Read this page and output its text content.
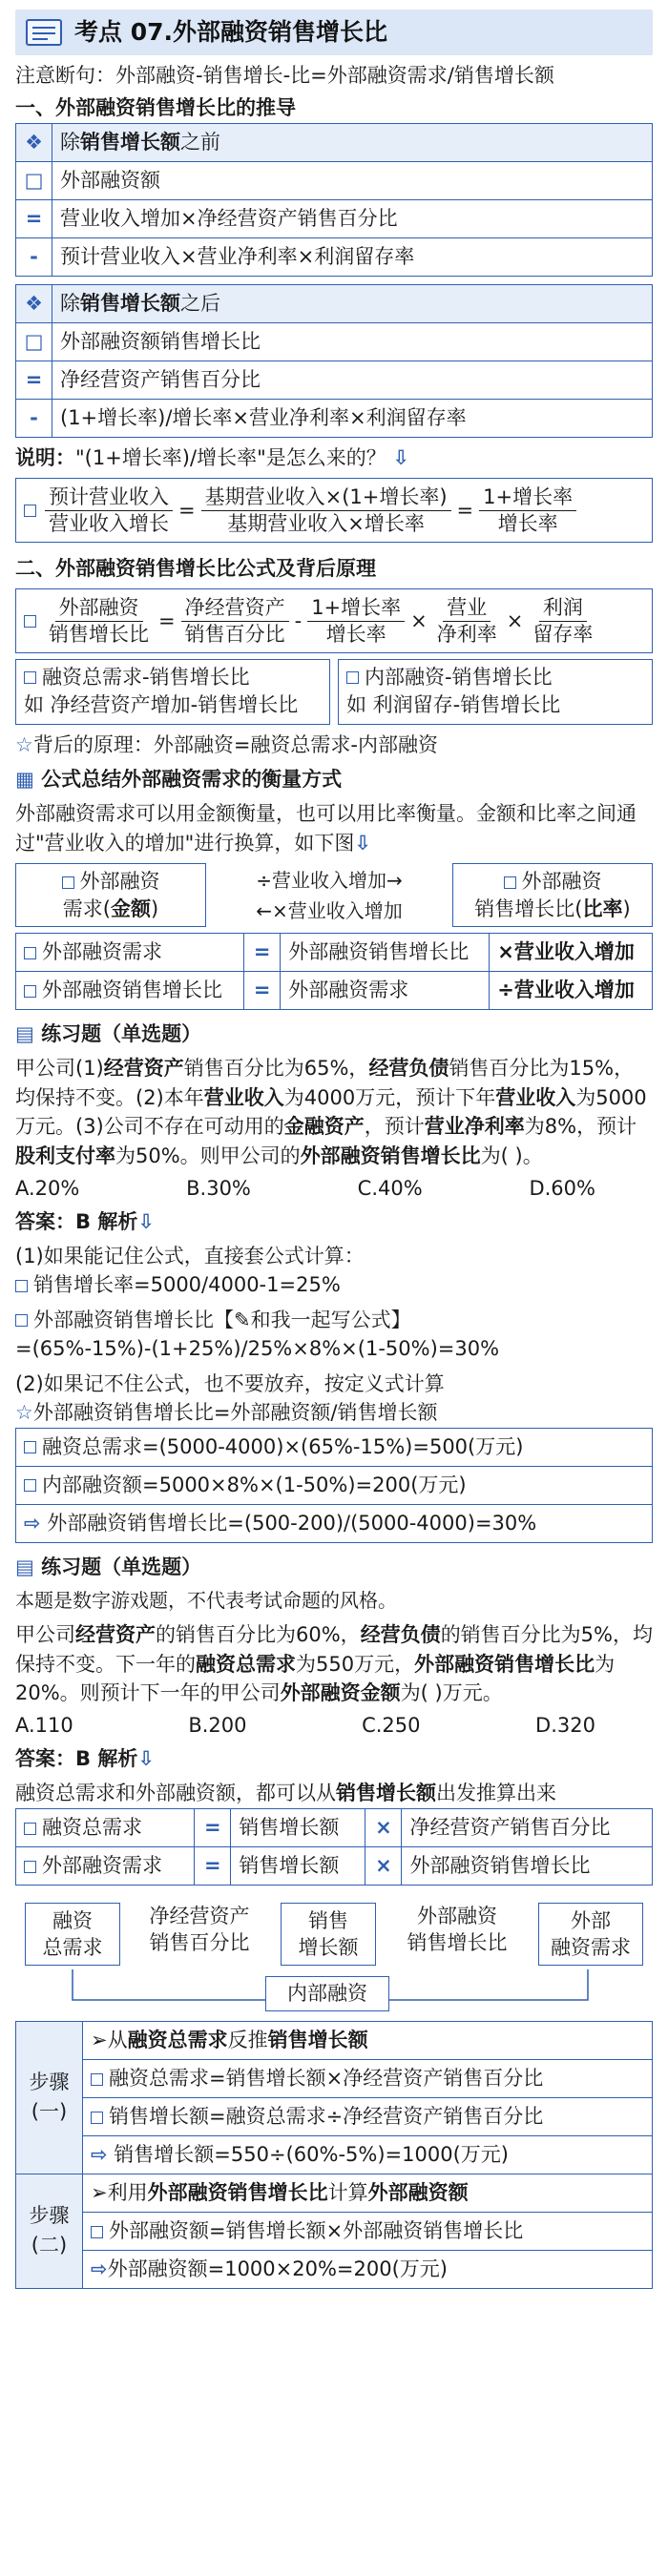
考点 07.外部融资销售增长比
注意断句：外部融资-销售增长-比=外部融资需求/销售增长额
一、外部融资销售增长比的推导
❖	除销售增长额之前
□	外部融资额
=	营业收入增加×净经营资产销售百分比
-	预计营业收入×营业净利率×利润留存率
❖	除销售增长额之后
□	外部融资额销售增长比
=	净经营资产销售百分比
-	(1+增长率)/增长率×营业净利率×利润留存率
说明："(1+增长率)/增长率"是怎么来的？ ⇩
$\frac{\text{预计营业收入}}{\text{营业收入增长}} = \frac{\text{基期营业收入×(1+增长率)}}{\text{基期营业收入×增长率}} = \frac{\text{1+增长率}}{\text{增长率}}$
二、外部融资销售增长比公式及背后原理
$\frac{\text{外部融资}}{\text{销售增长比}} = \frac{\text{净经营资产}}{\text{销售百分比}} - \frac{\text{1+增长率}}{\text{增长率}} \times \frac{\text{营业}}{\text{净利率}} \times \frac{\text{利润}}{\text{留存率}}$
融资总需求-销售增长比
如 净经营资产增加-销售增长比
内部融资-销售增长比
如 利润留存-销售增长比
☆背后的原理：外部融资=融资总需求-内部融资
▦ 公式总结外部融资需求的衡量方式
外部融资需求可以用金额衡量，也可以用比率衡量。金额和比率之间通过"营业收入的增加"进行换算，如下图⇩
外部融资
需求(金额)
÷营业收入增加→
←×营业收入增加
外部融资
销售增长比(比率)
外部融资需求	=	外部融资销售增长比	×营业收入增加
外部融资销售增长比	=	外部融资需求	÷营业收入增加
▤ 练习题（单选题）
甲公司(1)经营资产销售百分比为65%，经营负债销售百分比为15%，均保持不变。(2)本年营业收入为4000万元，预计下年营业收入为5000万元。(3)公司不存在可动用的金融资产，预计营业净利率为8%，预计股利支付率为50%。则甲公司的外部融资销售增长比为( )。
A.20%	B.30%	C.40%	D.60%
答案：B 解析⇩
(1)如果能记住公式，直接套公式计算：
销售增长率=5000/4000-1=25%
外部融资销售增长比【✎和我一起写公式】
=(65%-15%)-(1+25%)/25%×8%×(1-50%)=30%
(2)如果记不住公式，也不要放弃，按定义式计算
☆外部融资销售增长比=外部融资额/销售增长额
融资总需求=(5000-4000)×(65%-15%)=500(万元)
内部融资额=5000×8%×(1-50%)=200(万元)
⇨ 外部融资销售增长比=(500-200)/(5000-4000)=30%
▤ 练习题（单选题）
本题是数字游戏题，不代表考试命题的风格。
甲公司经营资产的销售百分比为60%，经营负债的销售百分比为5%，均保持不变。下一年的融资总需求为550万元，外部融资销售增长比为20%。则预计下一年的甲公司外部融资金额为( )万元。
A.110	B.200	C.250	D.320
答案：B 解析⇩
融资总需求和外部融资额，都可以从销售增长额出发推算出来
融资总需求	=	销售增长额	×	净经营资产销售百分比
外部融资需求	=	销售增长额	×	外部融资销售增长比
融资
总需求
净经营资产
销售百分比
销售
增长额
外部融资
销售增长比
外部
融资需求
内部融资
步骤
(一)	➢从融资总需求反推销售增长额
	融资总需求=销售增长额×净经营资产销售百分比
	销售增长额=融资总需求÷净经营资产销售百分比
	⇨ 销售增长额=550÷(60%-5%)=1000(万元)
步骤
(二)	➢利用外部融资销售增长比计算外部融资额
	外部融资额=销售增长额×外部融资销售增长比
	⇨外部融资额=1000×20%=200(万元)
